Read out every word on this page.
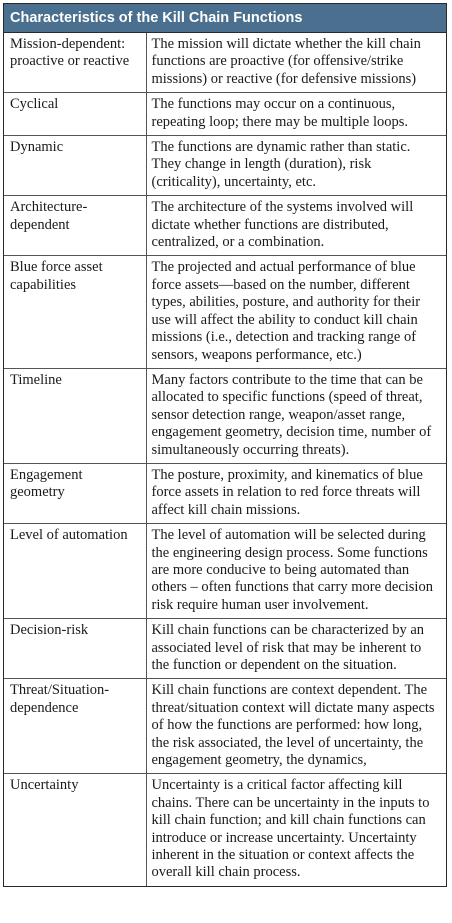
Characteristics of the Kill Chain Functions
Mission-dependent: proactive or reactive	The mission will dictate whether the kill chain functions are proactive (for offensive/strike missions) or reactive (for defensive missions)
Cyclical	The functions may occur on a continuous, repeating loop; there may be multiple loops.
Dynamic	The functions are dynamic rather than static. They change in length (duration), risk (criticality), uncertainty, etc.
Architecture-dependent	The architecture of the systems involved will dictate whether functions are distributed, centralized, or a combination.
Blue force asset capabilities	The projected and actual performance of blue force assets—based on the number, different types, abilities, posture, and authority for their use will affect the ability to conduct kill chain missions (i.e., detection and tracking range of sensors, weapons performance, etc.)
Timeline	Many factors contribute to the time that can be allocated to specific functions (speed of threat, sensor detection range, weapon/asset range, engagement geometry, decision time, number of simultaneously occurring threats).
Engagement geometry	The posture, proximity, and kinematics of blue force assets in relation to red force threats will affect kill chain missions.
Level of automation	The level of automation will be selected during the engineering design process. Some functions are more conducive to being automated than others – often functions that carry more decision risk require human user involvement.
Decision-risk	Kill chain functions can be characterized by an associated level of risk that may be inherent to the function or dependent on the situation.
Threat/Situation-dependence	Kill chain functions are context dependent. The threat/situation context will dictate many aspects of how the functions are performed: how long, the risk associated, the level of uncertainty, the engagement geometry, the dynamics,
Uncertainty	Uncertainty is a critical factor affecting kill chains. There can be uncertainty in the inputs to kill chain function; and kill chain functions can introduce or increase uncertainty. Uncertainty inherent in the situation or context affects the overall kill chain process.
